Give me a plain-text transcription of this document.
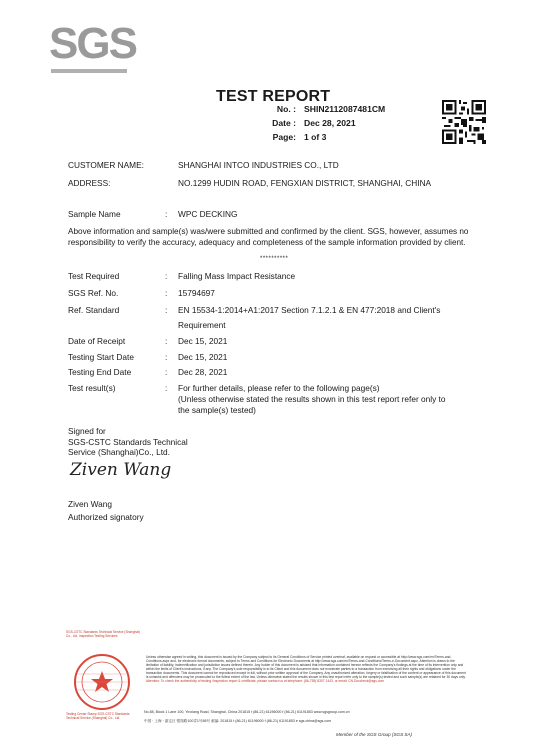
SGS
TEST REPORT
No. : SHIN2112087481CM
Date : Dec 28, 2021
Page: 1 of 3
CUSTOMER NAME:	SHANGHAI INTCO INDUSTRIES CO., LTD
ADDRESS:	NO.1299 HUDIN ROAD, FENGXIAN DISTRICT, SHANGHAI, CHINA
Sample Name	: WPC DECKING
Above information and sample(s) was/were submitted and confirmed by the client. SGS, however, assumes no responsibility to verify the accuracy, adequacy and completeness of the sample information provided by client.
**********
Test Required	: Falling Mass Impact Resistance
SGS Ref. No.	: 15794697
Ref. Standard	: EN 15534-1:2014+A1:2017 Section 7.1.2.1 & EN 477:2018 and Client's
Requirement
Date of Receipt	: Dec 15, 2021
Testing Start Date	: Dec 15, 2021
Testing End Date	: Dec 28, 2021
Test result(s)	: For further details, please refer to the following page(s)
(Unless otherwise stated the results shown in this test report refer only to
the sample(s) tested)
Signed for
SGS-CSTC Standards Technical
Service (Shanghai)Co., Ltd.
Ziven Wang
Ziven Wang
Authorized signatory
SGS-CSTC Standards Technical Service (Shanghai) Co., Ltd. Inspection Testing Services
Testing Center Stamp SGS-CSTC Standards Technical Service (Shanghai) Co., Ltd.
Unless otherwise agreed in writing, this document is issued by the Company subject to its General Conditions of Service printed overleaf, available on request or accessible at http://www.sgs.com/en/Terms-and-Conditions.aspx and, for electronic format documents, subject to Terms and Conditions for Electronic Documents at http://www.sgs.com/en/Terms-and-Conditions/Terms-e-Document.aspx. Attention is drawn to the limitation of liability, indemnification and jurisdiction issues defined therein. Any holder of this document is advised that information contained hereon reflects the Company's findings at the time of its intervention only and within the limits of Client's instructions, if any. The Company's sole responsibility is to its Client and this document does not exonerate parties to a transaction from exercising all their rights and obligations under the transaction documents. This document cannot be reproduced except in full, without prior written approval of the Company. Any unauthorized alteration, forgery or falsification of the content or appearance of this document is unlawful and offenders may be prosecuted to the fullest extent of the law. Unless otherwise stated the results shown in this test report refer only to the sample(s) tested and such sample(s) are retained for 30 days only. Attention: To check the authenticity of testing /inspection report & certificate, please contact us at telephone: (86-755) 8307 1443, or email: CN.Doccheck@sgs.com
No.88, Block 1 Lane 100, Yinxiang Road, Shanghai, China 201815 t (86-21) 61196000 f (86-21) 61191853 www.sgsgroup.com.cn
中国 · 上海 · 嘉定区 银翔路100弄1号88号 邮编: 201815 t (86-21) 61196000 f (86-21) 61191853 e sgs.china@sgs.com
Member of the SGS Group (SGS SA)
